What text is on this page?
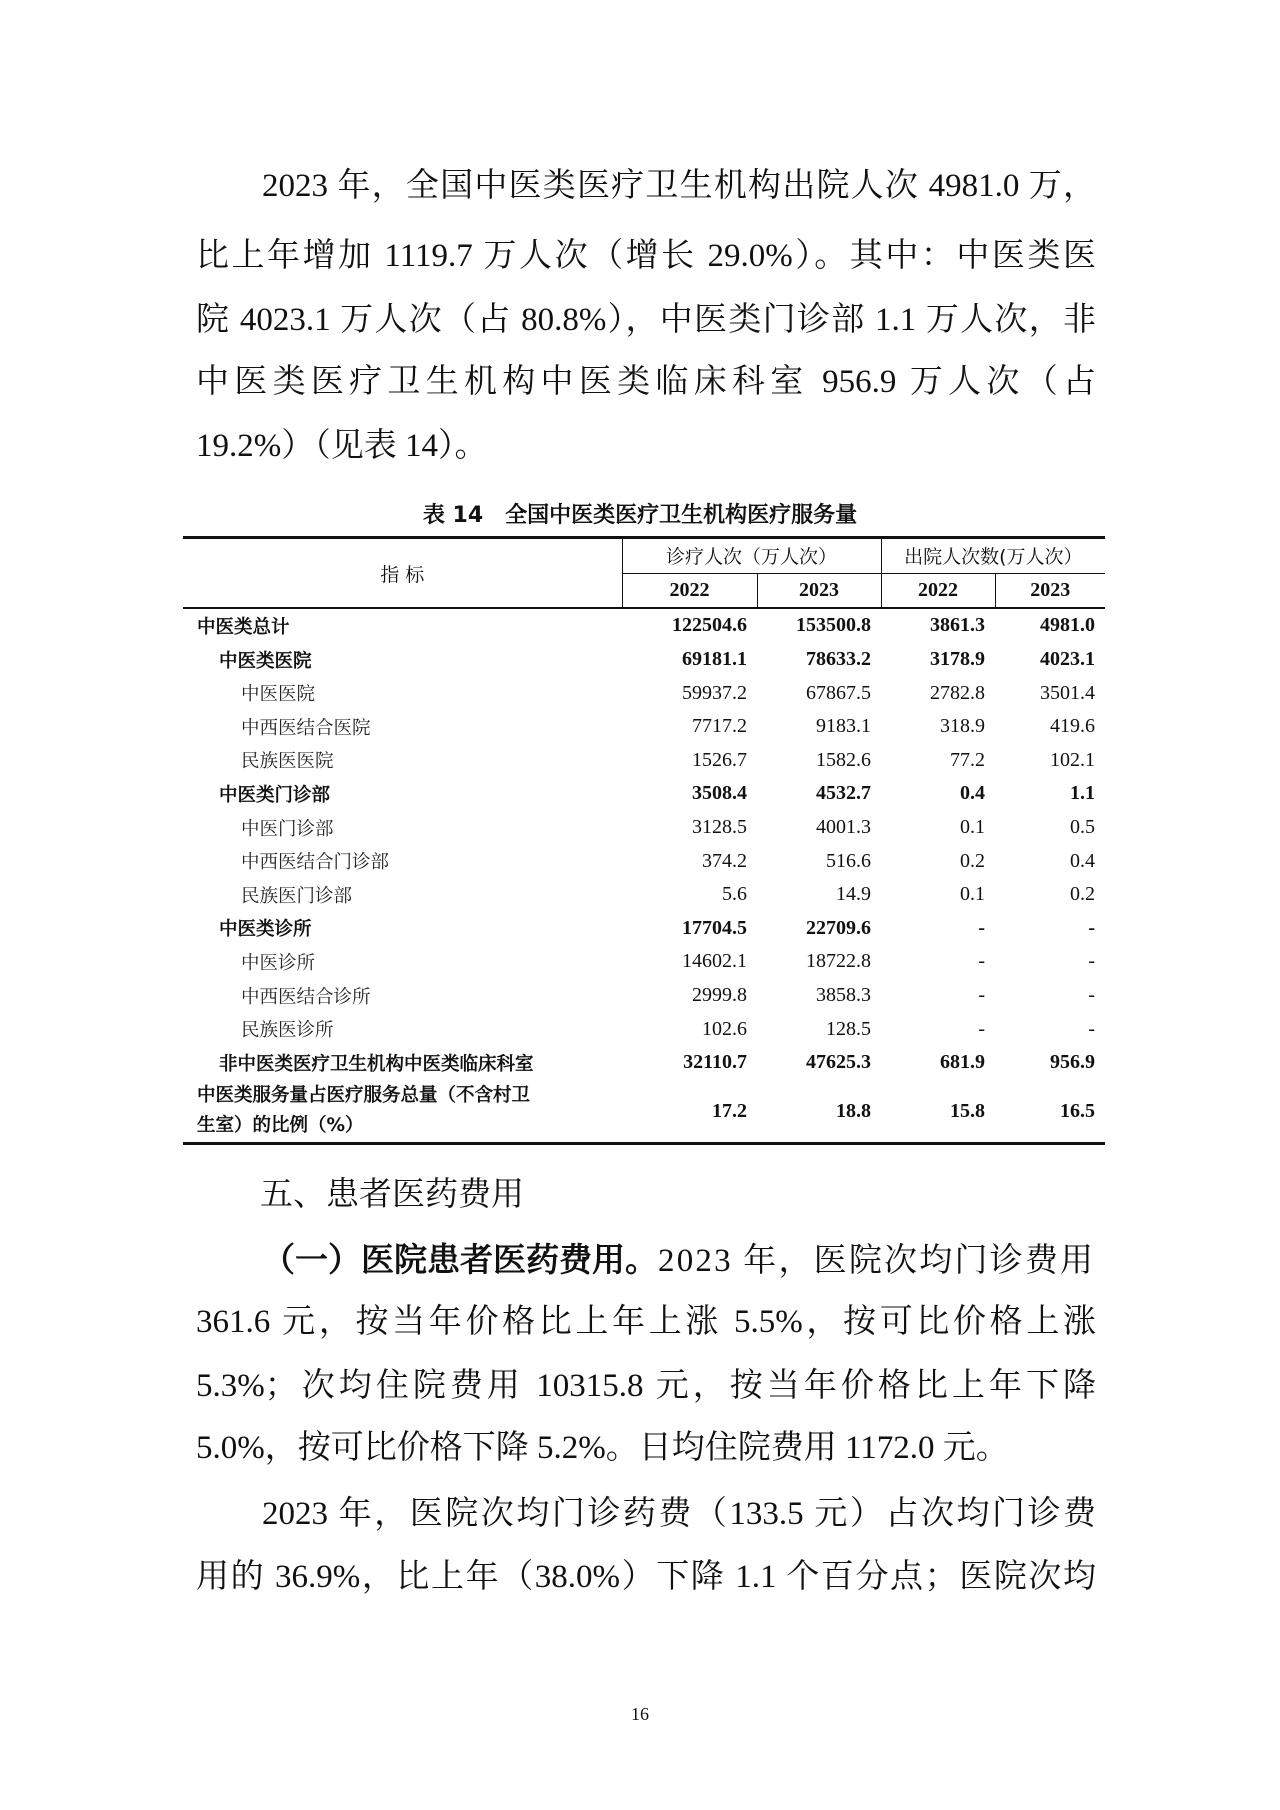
2023 年，全国中医类医疗卫生机构出院人次 4981.0 万，
比上年增加 1119.7 万人次（增长 29.0%）。其中：中医类医
院 4023.1 万人次（占 80.8%），中医类门诊部 1.1 万人次，非
中医类医疗卫生机构中医类临床科室 956.9 万人次（占
19.2%）（见表 14）。
表 14　全国中医类医疗卫生机构医疗服务量
指 标	诊疗人次（万人次）		出院人次数(万人次）	
	2022	2023	2022	2023
中医类总计	122504.6	153500.8	3861.3	4981.0
中医类医院	69181.1	78633.2	3178.9	4023.1
中医医院	59937.2	67867.5	2782.8	3501.4
中西医结合医院	7717.2	9183.1	318.9	419.6
民族医医院	1526.7	1582.6	77.2	102.1
中医类门诊部	3508.4	4532.7	0.4	1.1
中医门诊部	3128.5	4001.3	0.1	0.5
中西医结合门诊部	374.2	516.6	0.2	0.4
民族医门诊部	5.6	14.9	0.1	0.2
中医类诊所	17704.5	22709.6	-	-
中医诊所	14602.1	18722.8	-	-
中西医结合诊所	2999.8	3858.3	-	-
民族医诊所	102.6	128.5	-	-
非中医类医疗卫生机构中医类临床科室	32110.7	47625.3	681.9	956.9

中医类服务量占医疗服务总量（不含村卫
生室）的比例（%）	17.2	18.8	15.8	16.5
五、患者医药费用
（一）医院患者医药费用。2023 年，医院次均门诊费用
361.6 元，按当年价格比上年上涨 5.5%，按可比价格上涨
5.3%；次均住院费用 10315.8 元，按当年价格比上年下降
5.0%，按可比价格下降 5.2%。日均住院费用 1172.0 元。
2023 年，医院次均门诊药费（133.5 元）占次均门诊费
用的 36.9%，比上年（38.0%）下降 1.1 个百分点；医院次均
16
